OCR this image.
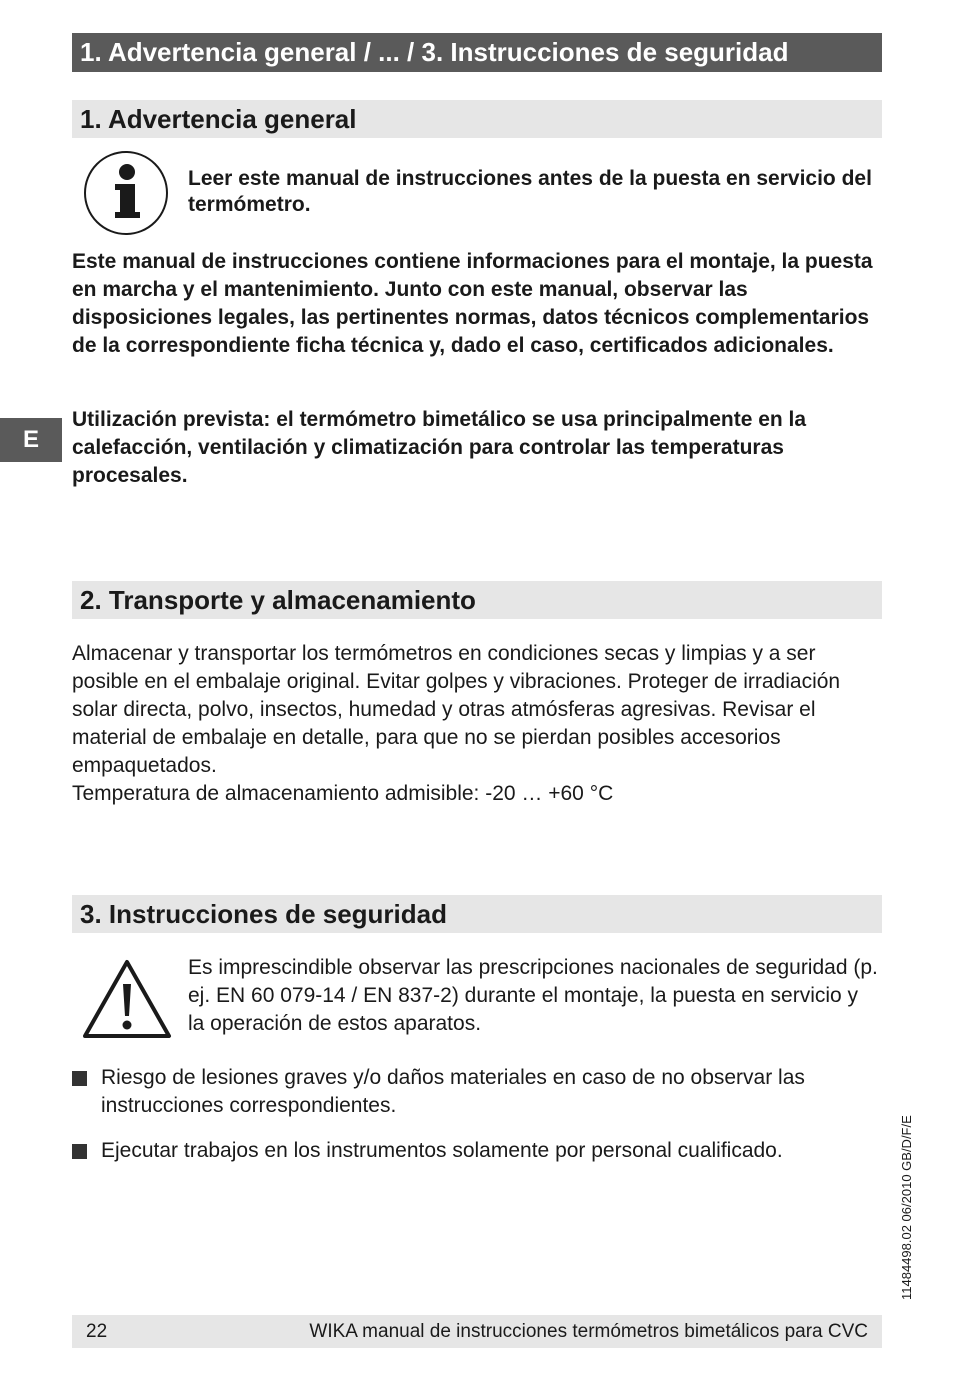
1. Advertencia general / ... / 3. Instrucciones de seguridad
E
1. Advertencia general

Leer este manual de instrucciones antes de la puesta en servicio del termómetro.

Este manual de instrucciones contiene informaciones para el montaje, la puesta en marcha y el mantenimiento. Junto con este manual, observar las disposiciones legales, las pertinentes normas, datos técnicos complementarios de la correspondiente ficha técnica y, dado el caso, certificados adicionales.

Utilización prevista: el termómetro bimetálico se usa principalmente en la calefacción, ventilación y climatización para controlar las temperaturas procesales.

2. Transporte y almacenamiento

Almacenar y transportar los termómetros en condiciones secas y limpias y a ser posible en el embalaje original. Evitar golpes y vibraciones. Proteger de irradiación solar directa, polvo, insectos, humedad y otras atmósferas agresivas. Revisar el material de embalaje en detalle, para que no se pierdan posibles accesorios empaquetados.

Temperatura de almacenamiento admisible: -20 … +60 °C

3. Instrucciones de seguridad

Es imprescindible observar las prescripciones nacionales de seguridad (p. ej. EN 60 079-14 / EN 837-2) durante el montaje, la puesta en servicio y la operación de estos aparatos.

Riesgo de lesiones graves y/o daños materiales en caso de no observar las instrucciones correspondientes.

Ejecutar trabajos en los instrumentos solamente por personal cualificado.	11484498.02 06/2010 GB/D/F/E
22	WIKA manual de instrucciones termómetros bimetálicos para CVC
